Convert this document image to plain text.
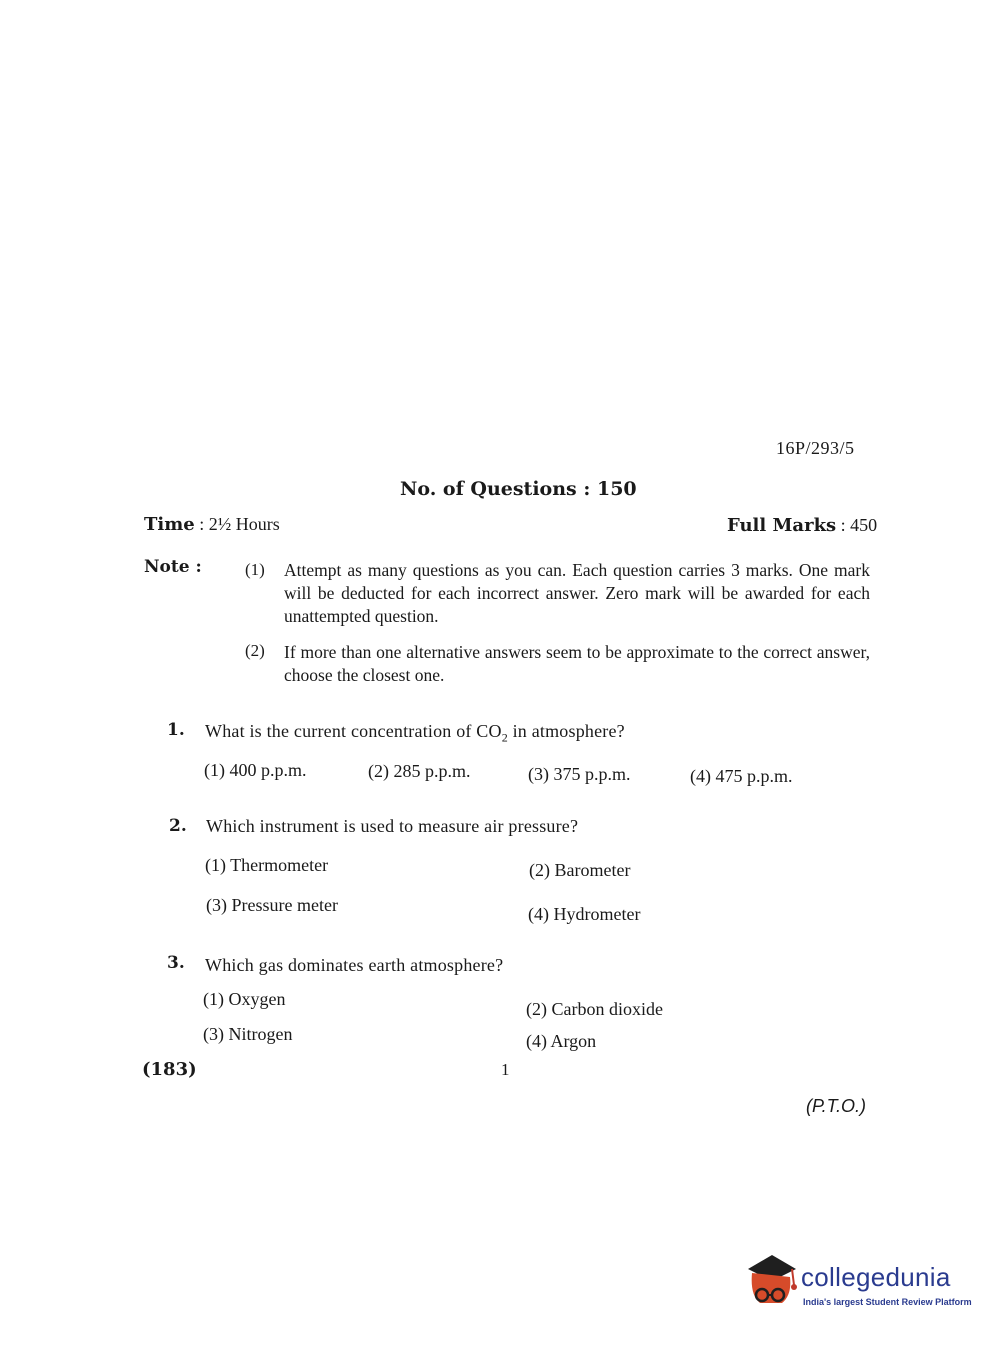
16P/293/5
No. of Questions : 150
Time : 2½ Hours	Full Marks : 450
Note :	(1) Attempt as many questions as you can. Each question carries 3 marks. One mark will be deducted for each incorrect answer. Zero mark will be awarded for each unattempted question.
(2) If more than one alternative answers seem to be approximate to the correct answer, choose the closest one.
1. What is the current concentration of $CO_2$ in atmosphere?
(1) 400 p.p.m.	(2) 285 p.p.m.	(3) 375 p.p.m.	(4) 475 p.p.m.
2. Which instrument is used to measure air pressure?
(1) Thermometer	(2) Barometer
(3) Pressure meter	(4) Hydrometer
3. Which gas dominates earth atmosphere?
(1) Oxygen	(2) Carbon dioxide
(3) Nitrogen	(4) Argon
(183)	1
(P.T.O.)
collegedunia
India's largest Student Review Platform
